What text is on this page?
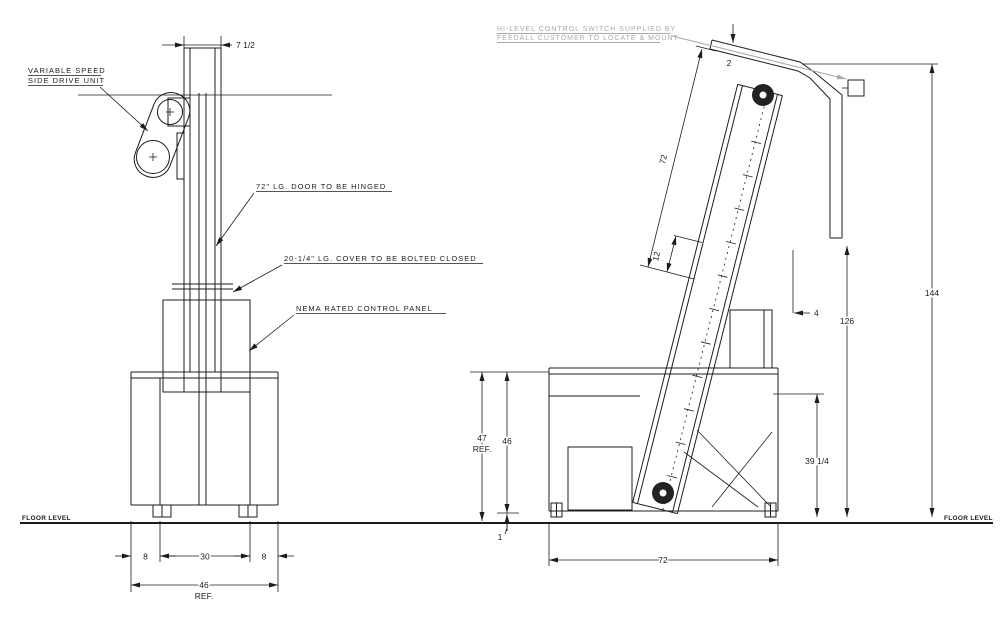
FLOOR LEVEL	FLOOR LEVEL
VARIABLE SPEED
SIDE DRIVE UNIT
72" LG. DOOR TO BE HINGED
20-1/4" LG. COVER TO BE BOLTED CLOSED
NEMA RATED CONTROL PANEL
7 1/2
8	30	8
46
REF.
2
72
12
4
126
144
39 1/4
47
REF.
46
1
72
HI-LEVEL CONTROL SWITCH SUPPLIED BY
FEEDALL CUSTOMER TO LOCATE & MOUNT
